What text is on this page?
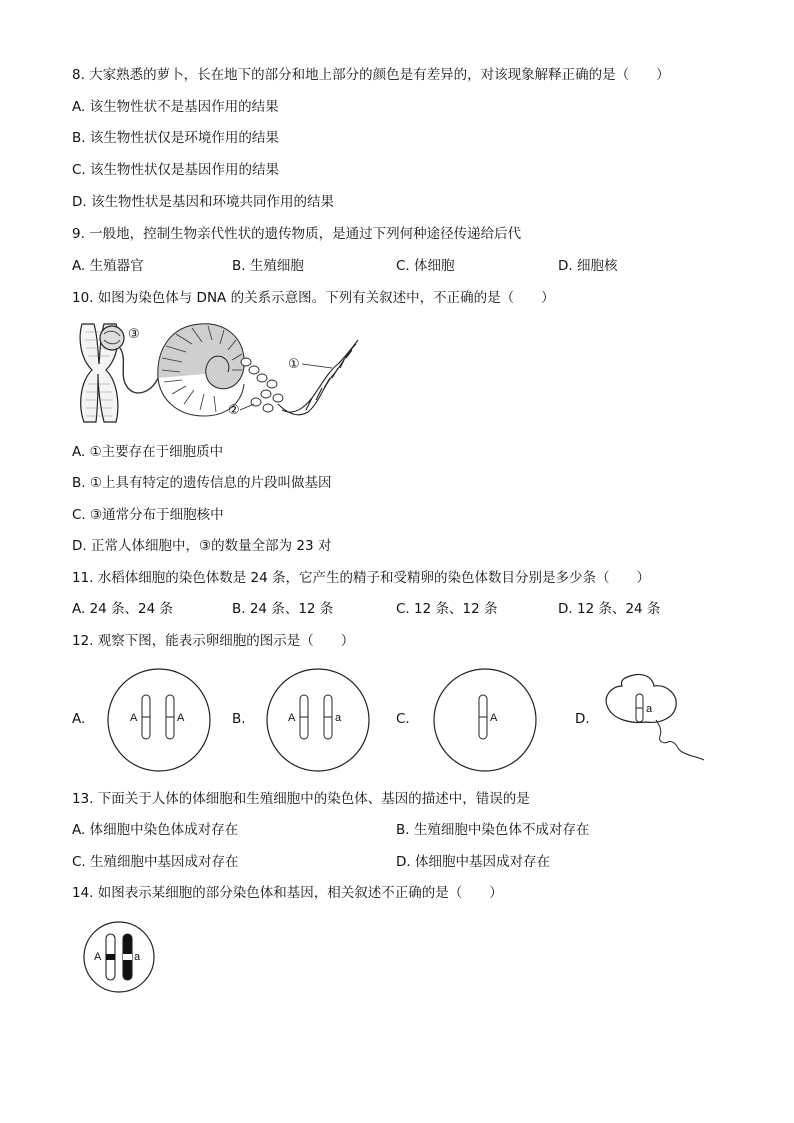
8. 大家熟悉的萝卜，长在地下的部分和地上部分的颜色是有差异的，对该现象解释正确的是（　　）
A. 该生物性状不是基因作用的结果
B. 该生物性状仅是环境作用的结果
C. 该生物性状仅是基因作用的结果
D. 该生物性状是基因和环境共同作用的结果
9. 一般地，控制生物亲代性状的遗传物质，是通过下列何种途径传递给后代
A. 生殖器官	B. 生殖细胞	C. 体细胞	D. 细胞核
10. 如图为染色体与 DNA 的关系示意图。下列有关叙述中，不正确的是（　　）
③
②
①
A. ①主要存在于细胞质中
B. ①上具有特定的遗传信息的片段叫做基因
C. ③通常分布于细胞核中
D. 正常人体细胞中，③的数量全部为 23 对
11. 水稻体细胞的染色体数是 24 条，它产生的精子和受精卵的染色体数目分别是多少条（　　）
A. 24 条、24 条	B. 24 条、12 条	C. 12 条、12 条	D. 12 条、24 条
12. 观察下图，能表示卵细胞的图示是（　　）
A.	A	A	B.	A	a	C.	A	D.
a
13. 下面关于人体的体细胞和生殖细胞中的染色体、基因的描述中，错误的是
A. 体细胞中染色体成对存在	B. 生殖细胞中染色体不成对存在
C. 生殖细胞中基因成对存在	D. 体细胞中基因成对存在
14. 如图表示某细胞的部分染色体和基因，相关叙述不正确的是（　　）
A	a
